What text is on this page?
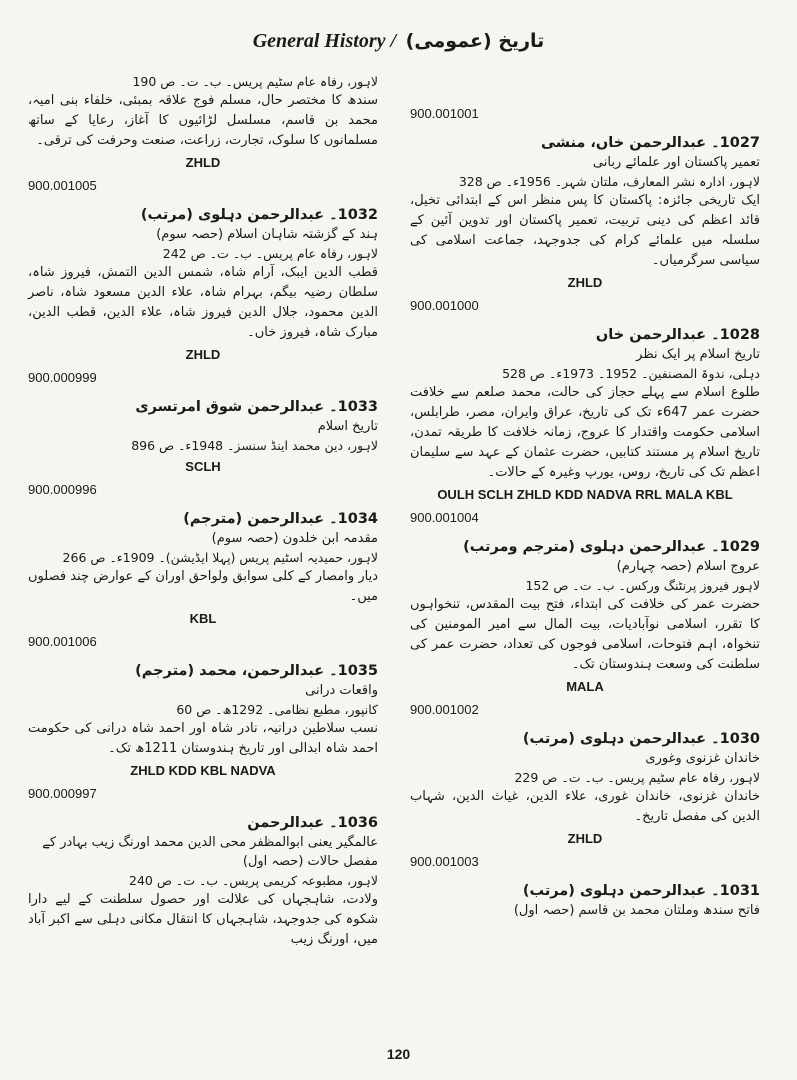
General History / تاریخ (عمومی)
لاہور، رفاہ عام سٹیم پریس۔ ب۔ ت۔ ص 190
سندھ کا مختصر حال، مسلم فوج علاقہ بمبئی، خلفاء بنی امیہ، محمد بن قاسم، مسلسل لڑائیوں کا آغاز، رعایا کے ساتھ مسلمانوں کا سلوک، تجارت، زراعت، صنعت وحرفت کی ترقی۔
ZHLD
900.001005
1032۔ عبدالرحمن دہلوی (مرتب)
ہند کے گزشتہ شاہان اسلام (حصہ سوم)
لاہور، رفاہ عام پریس۔ ب۔ ت۔ ص 242
قطب الدین ایبک، آرام شاہ، شمس الدین التمش، فیروز شاہ، سلطان رضیہ بیگم، بہرام شاہ، علاء الدین مسعود شاہ، ناصر الدین محمود، جلال الدین فیروز شاہ، علاء الدین، قطب الدین، مبارک شاہ، فیروز خاں۔
ZHLD
900.000999
1033۔ عبدالرحمن شوق امرتسری
تاریخ اسلام
لاہور، دین محمد اینڈ سنسز۔ 1948ء۔ ص 896
SCLH
900.000996
1034۔ عبدالرحمن (مترجم)
مقدمہ ابن خلدون (حصہ سوم)
لاہور، حمیدیہ اسٹیم پریس (پہلا ایڈیشن)۔ 1909ء۔ ص 266
دیار وامصار کے کلی سوابق ولواحق اوران کے عوارض چند فصلوں میں۔
KBL
900.001006
1035۔ عبدالرحمن، محمد (مترجم)
واقعات درانی
کانپور، مطبع نظامی۔ 1292ھ۔ ص 60
نسب سلاطین درانیہ، نادر شاہ اور احمد شاہ درانی کی حکومت احمد شاہ ابدالی اور تاریخ ہندوستان 1211ھ تک۔
ZHLD KDD KBL NADVA
900.000997
1036۔ عبدالرحمن
عالمگیر یعنی ابوالمظفر محی الدین محمد اورنگ زیب بہادر کے مفصل حالات (حصہ اول)
لاہور، مطبوعہ کریمی پریس۔ ب۔ ت۔ ص 240
ولادت، شاہجہاں کی علالت اور حصول سلطنت کے لیے دارا شکوہ کی جدوجہد، شاہجہاں کا انتقال مکانی دہلی سے اکبر آباد میں، اورنگ زیب
900.001001
1027۔ عبدالرحمن خاں، منشی
تعمیر پاکستان اور علمائے ربانی
لاہور، ادارہ نشر المعارف، ملتان شہر۔ 1956ء۔ ص 328
ایک تاریخی جائزہ: پاکستان کا پس منظر اس کے ابتدائی تخیل، قائد اعظم کی دینی تربیت، تعمیر پاکستان اور تدوین آئین کے سلسلہ میں علمائے کرام کی جدوجہد، جماعت اسلامی کی سیاسی سرگرمیاں۔
ZHLD
900.001000
1028۔ عبدالرحمن خاں
تاریخ اسلام پر ایک نظر
دہلی، ندوۃ المصنفین۔ 1952۔ 1973ء۔ ص 528
طلوع اسلام سے پہلے حجاز کی حالت، محمد صلعم سے خلافت حضرت عمر 647ء تک کی تاریخ، عراق وایران، مصر، طرابلس، اسلامی حکومت واقتدار کا عروج، زمانہ خلافت کا طریقہ تمدن، تاریخ اسلام پر مستند کتابیں، حضرت عثمان کے عہد سے سلیمان اعظم تک کی تاریخ، روس، یورپ وغیرہ کے حالات۔
OULH SCLH ZHLD KDD NADVA RRL MALA KBL
900.001004
1029۔ عبدالرحمن دہلوی (مترجم ومرتب)
عروج اسلام (حصہ چہارم)
لاہور فیروز پرنٹنگ ورکس۔ ب۔ ت۔ ص 152
حضرت عمر کی خلافت کی ابتداء، فتح بیت المقدس، تنخواہوں کا تقرر، اسلامی نوآبادیات، بیت المال سے امیر المومنین کی تنخواہ، اہم فتوحات، اسلامی فوجوں کی تعداد، حضرت عمر کی سلطنت کی وسعت ہندوستان تک۔
MALA
900.001002
1030۔ عبدالرحمن دہلوی (مرتب)
خاندان غزنوی وغوری
لاہور، رفاہ عام سٹیم پریس۔ ب۔ ت۔ ص 229
خاندان غزنوی، خاندان غوری، علاء الدین، غیاث الدین، شہاب الدین کی مفصل تاریخ۔
ZHLD
900.001003
1031۔ عبدالرحمن دہلوی (مرتب)
فاتح سندھ وملتان محمد بن قاسم (حصہ اول)
120
